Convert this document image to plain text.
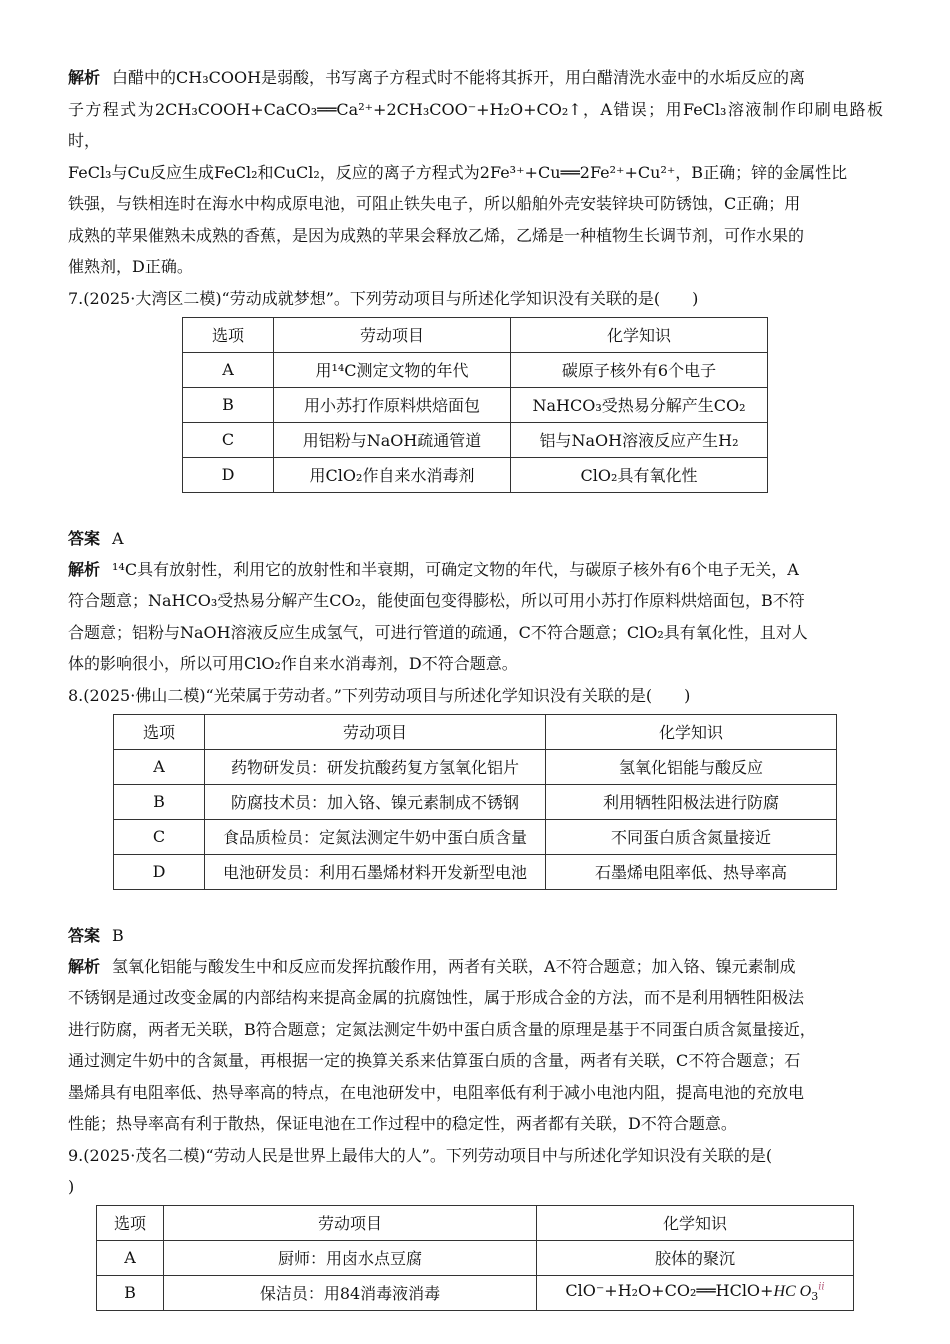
解析 白醋中的CH₃COOH是弱酸，书写离子方程式时不能将其拆开，用白醋清洗水壶中的水垢反应的离
子方程式为2CH₃COOH+CaCO₃══Ca²⁺+2CH₃COO⁻+H₂O+CO₂↑，A错误；用FeCl₃溶液制作印刷电路板时，
FeCl₃与Cu反应生成FeCl₂和CuCl₂，反应的离子方程式为2Fe³⁺+Cu══2Fe²⁺+Cu²⁺，B正确；锌的金属性比
铁强，与铁相连时在海水中构成原电池，可阻止铁失电子，所以船舶外壳安装锌块可防锈蚀，C正确；用
成熟的苹果催熟未成熟的香蕉，是因为成熟的苹果会释放乙烯，乙烯是一种植物生长调节剂，可作水果的
催熟剂，D正确。

7.(2025·大湾区二模)“劳动成就梦想”。下列劳动项目与所述化学知识没有关联的是(　　)

选项	劳动项目	化学知识
A	用¹⁴C测定文物的年代	碳原子核外有6个电子
B	用小苏打作原料烘焙面包	NaHCO₃受热易分解产生CO₂
C	用铝粉与NaOH疏通管道	铝与NaOH溶液反应产生H₂
D	用ClO₂作自来水消毒剂	ClO₂具有氧化性

答案 A

解析 ¹⁴C具有放射性，利用它的放射性和半衰期，可确定文物的年代，与碳原子核外有6个电子无关，A
符合题意；NaHCO₃受热易分解产生CO₂，能使面包变得膨松，所以可用小苏打作原料烘焙面包，B不符
合题意；铝粉与NaOH溶液反应生成氢气，可进行管道的疏通，C不符合题意；ClO₂具有氧化性，且对人
体的影响很小，所以可用ClO₂作自来水消毒剂，D不符合题意。

8.(2025·佛山二模)“光荣属于劳动者。”下列劳动项目与所述化学知识没有关联的是(　　)

选项	劳动项目	化学知识
A	药物研发员：研发抗酸药复方氢氧化铝片	氢氧化铝能与酸反应
B	防腐技术员：加入铬、镍元素制成不锈钢	利用牺牲阳极法进行防腐
C	食品质检员：定氮法测定牛奶中蛋白质含量	不同蛋白质含氮量接近
D	电池研发员：利用石墨烯材料开发新型电池	石墨烯电阻率低、热导率高

答案 B

解析 氢氧化铝能与酸发生中和反应而发挥抗酸作用，两者有关联，A不符合题意；加入铬、镍元素制成
不锈钢是通过改变金属的内部结构来提高金属的抗腐蚀性，属于形成合金的方法，而不是利用牺牲阳极法
进行防腐，两者无关联，B符合题意；定氮法测定牛奶中蛋白质含量的原理是基于不同蛋白质含氮量接近，
通过测定牛奶中的含氮量，再根据一定的换算关系来估算蛋白质的含量，两者有关联，C不符合题意；石
墨烯具有电阻率低、热导率高的特点，在电池研发中，电阻率低有利于减小电池内阻，提高电池的充放电
性能；热导率高有利于散热，保证电池在工作过程中的稳定性，两者都有关联，D不符合题意。

9.(2025·茂名二模)“劳动人民是世界上最伟大的人”。下列劳动项目中与所述化学知识没有关联的是(
)

选项	劳动项目	化学知识
A	厨师：用卤水点豆腐	胶体的聚沉
B	保洁员：用84消毒液消毒	ClO⁻+H₂O+CO₂══HClO+HC $O_3^{𝑖𝑖}$
